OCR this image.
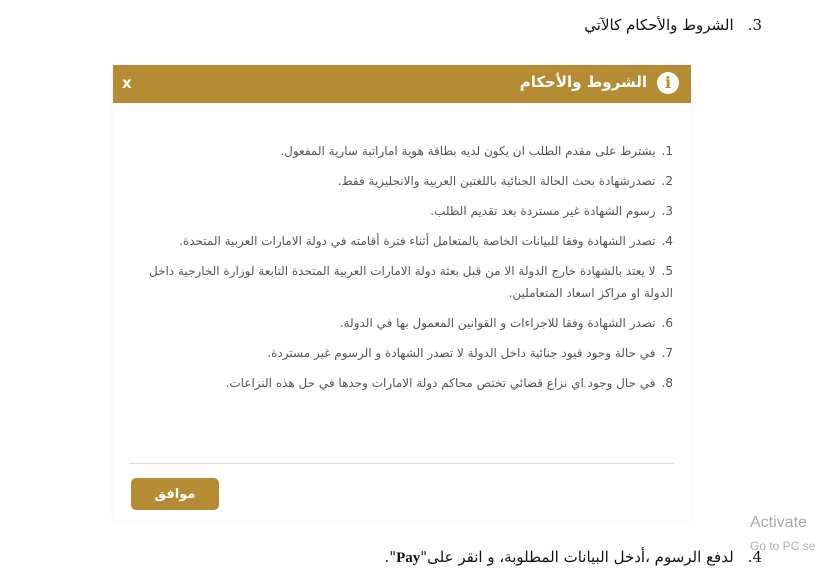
3.الشروط والأحكام كالآتي
x	i
الشروط والأحكام
1.يشترط على مقدم الطلب ان يكون لديه بطاقة هوية اماراتية سارية المفعول.
2.تصدرشهادة بحث الحالة الجنائية باللغتين العربية والانجليزية فقط.
3.رسوم الشهادة غير مستردة بعد تقديم الطلب.
4.تصدر الشهادة وفقا للبيانات الخاصة بالمتعامل أثناء فترة أقامته في دولة الامارات العربية المتحدة.
5.لا يعتد بالشهادة خارج الدولة الا من قبل بعثة دولة الامارات العربية المتحدة التابعة لوزارة الخارجية داخل الدولة او مراكز اسعاد المتعاملين.
6.تصدر الشهادة وفقا للاجراءات و القوانين المعمول بها في الدولة.
7.في حالة وجود قيود جنائية داخل الدولة لا تصدر الشهادة و الرسوم غير مستردة.
8.في حال وجود اي نزاع قضائي تختص محاكم دولة الامارات وحدها في حل هذه النزاعات.
موافق
4.لدفع الرسوم ،أدخل البيانات المطلوبة، و انقر على"Pay".
Activate
Go to PC se
